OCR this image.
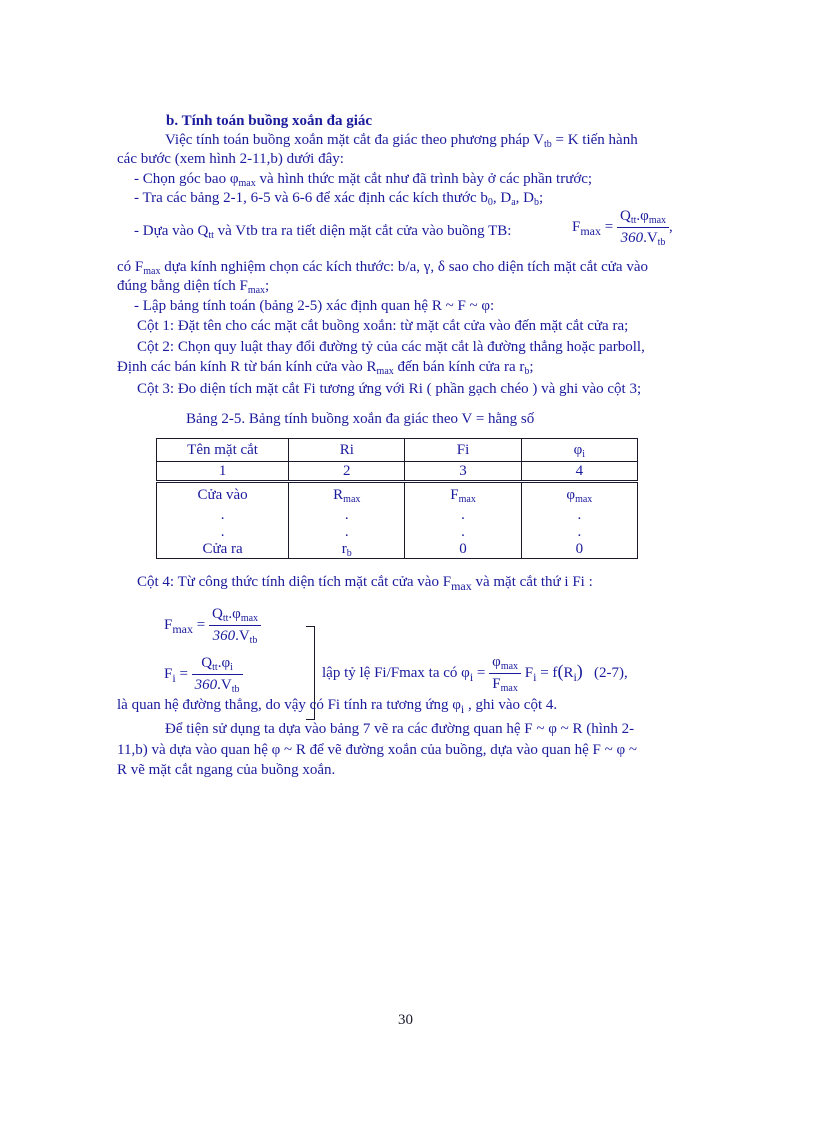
b. Tính toán buồng xoắn đa giác
Việc tính toán buồng xoắn mặt cắt đa giác theo phương pháp $V_{tb} = K$ tiến hành
các bước (xem hình 2-11,b) dưới đây:
- Chọn góc bao $\varphi_{max}$ và hình thức mặt cắt như đã trình bày ở các phần trước;
- Tra các bảng 2-1, 6-5 và 6-6 để xác định các kích thước $b_0$, $D_a$, $D_b$;
- Dựa vào $Q_{tt}$ và Vtb tra ra tiết diện mặt cắt cửa vào buồng TB:	$F_{max} = \frac{Q_{tt}.\varphi_{max}}{360.V_{tb}}$ ,
có $F_{max}$ dựa kính nghiệm chọn các kích thước: b/a, γ, δ sao cho diện tích mặt cắt cửa vào
đúng bằng diện tích $F_{max}$;
- Lập bảng tính toán (bảng 2-5) xác định quan hệ R ~ F ~ φ:
Cột 1: Đặt tên cho các mặt cắt buồng xoắn: từ mặt cắt cửa vào đến mặt cắt cửa ra;
Cột 2: Chọn quy luật thay đổi đường tỷ của các mặt cắt là đường thẳng hoặc parboll,
Định các bán kính R từ bán kính cửa vào $R_{max}$ đến bán kính cửa ra $r_b$;
Cột 3: Đo diện tích mặt cắt Fi tương ứng với Ri ( phần gạch chéo ) và ghi vào cột 3;
Bảng 2-5. Bảng tính buồng xoắn đa giác theo V = hằng số
Tên mặt cắt	Ri	Fi	$\varphi_i$
1	2	3	4
Cửa vào	$R_{max}$	$F_{max}$	$\varphi_{max}$
.	.	.	.
.	.	.	.
Cửa ra	$r_b$	0	0
Cột 4: Từ công thức tính diện tích mặt cắt cửa vào $F_{max}$ và mặt cắt thứ i Fi :
$F_{max} = \frac{Q_{tt}.\varphi_{max}}{360.V_{tb}}$
$F_i = \frac{Q_{tt}.\varphi_i}{360.V_{tb}}$	lập tỷ lệ Fi/Fmax ta có $\varphi_i = \frac{\varphi_{max}}{F_{max}} F_i = f(R_i)$ (2-7),
là quan hệ đường thẳng, do vậy có Fi tính ra tương ứng $\varphi_i$ , ghi vào cột 4.
Để tiện sử dụng ta dựa vào bảng 7 vẽ ra các đường quan hệ F ~ φ ~ R (hình 2-
11,b) và dựa vào quan hệ φ ~ R để vẽ đường xoắn của buồng, dựa vào quan hệ F ~ φ ~
R vẽ mặt cắt ngang của buồng xoắn.
30
